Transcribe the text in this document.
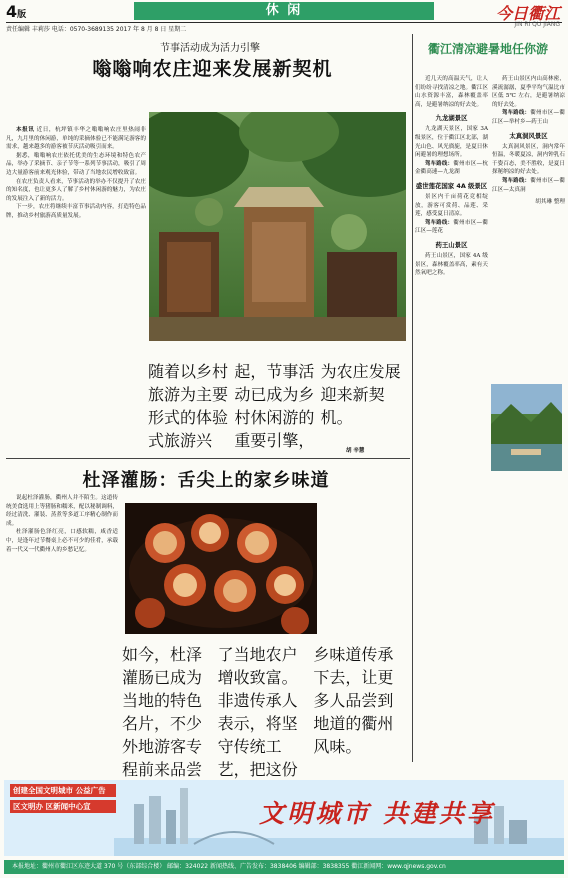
4版	休 闲	今日衢江
JIN RI QU JIANG
责任编辑 丰莉莎 电话：0570-3689135 2017 年 8 月 8 日 星期二
节事活动成为活力引擎
嗡嗡响农庄迎来发展新契机

本报讯 近日，杭坪镇丰华之嗡嗡响农庄里热闹非凡，九月里的休闲游，单纯的采摘体验已不能满足游客的需求，越来越多的游客被节庆活动吸引而来。

据悉，嗡嗡响农庄依托优美的生态环境和特色农产品，举办了采摘节、亲子节等一系列节事活动，吸引了周边大量游客前来观光体验，带动了当地农民增收致富。

在农庄负责人看来，节事活动的举办不仅提升了农庄的知名度，也让更多人了解了乡村休闲游的魅力，为农庄的发展注入了新的活力。

下一步，农庄将继续丰富节事活动内容，打造特色品牌，推动乡村旅游高质量发展。

随着以乡村旅游为主要形式的体验式旅游兴起，节事活动已成为乡村休闲游的重要引擎，为农庄发展迎来新契机。

胡 辛慧
杜泽灌肠：舌尖上的家乡味道

说起杜泽灌肠，衢州人并不陌生。这道传统美食选用上等猪肠和糯米，配以秘制调料，经过清洗、灌装、蒸煮等多道工序精心制作而成。

杜泽灌肠色泽红亮，口感软糯，咸香适中，是逢年过节餐桌上必不可少的佳肴，承载着一代又一代衢州人的乡愁记忆。

如今，杜泽灌肠已成为当地的特色名片，不少外地游客专程前来品尝 了当地农户增收致富。

非遗传承人表示，将坚守传统工艺，把这份 乡味道传承下去，让更多人品尝到地道的衢州风味。

衢江清凉避暑地任你游

近几天的高温天气，让人们纷纷寻找清凉之地。衢江区山水资源丰富，森林覆盖率高，是避暑纳凉的好去处。

九龙湖景区

九龙湖天景区，国家 3A 级景区，位于衢江区北部，湖光山色、风光旖旎，是夏日休闲避暑的理想场所。

驾车路线：衢州市区—杭金衢高速—九龙湖

盛世莲花国家 4A 级景区

景区内千亩荷花竞相绽放，游客可赏荷、品莲、采莲，感受夏日清凉。

驾车路线：衢州市区—衢江区—莲花

药王山景区

药王山景区，国家 4A 级景区，森林覆盖率高，素有天然氧吧之称。

药王山景区内山高林密，溪流潺潺，夏季平均气温比市区低 5℃ 左右，是避暑纳凉的好去处。

驾车路线：衢州市区—衢江区—举村乡—药王山

太真洞风景区

太真洞风景区，洞内常年恒温，冬暖夏凉，洞内钟乳石千姿百态，美不胜收，是夏日探秘纳凉的好去处。

驾车路线：衢州市区—衢江区—太真洞

胡其琳 整理

创建全国文明城市 公益广告
区文明办 区新闻中心宣	文明城市 共建共享
本报地址：衢州市衢江区东迹大道 370 号（东部综合楼） 邮编：324022 新闻热线、广告发布：3838406 编辑部：3838355 衢江新闻网：www.qjnews.gov.cn
